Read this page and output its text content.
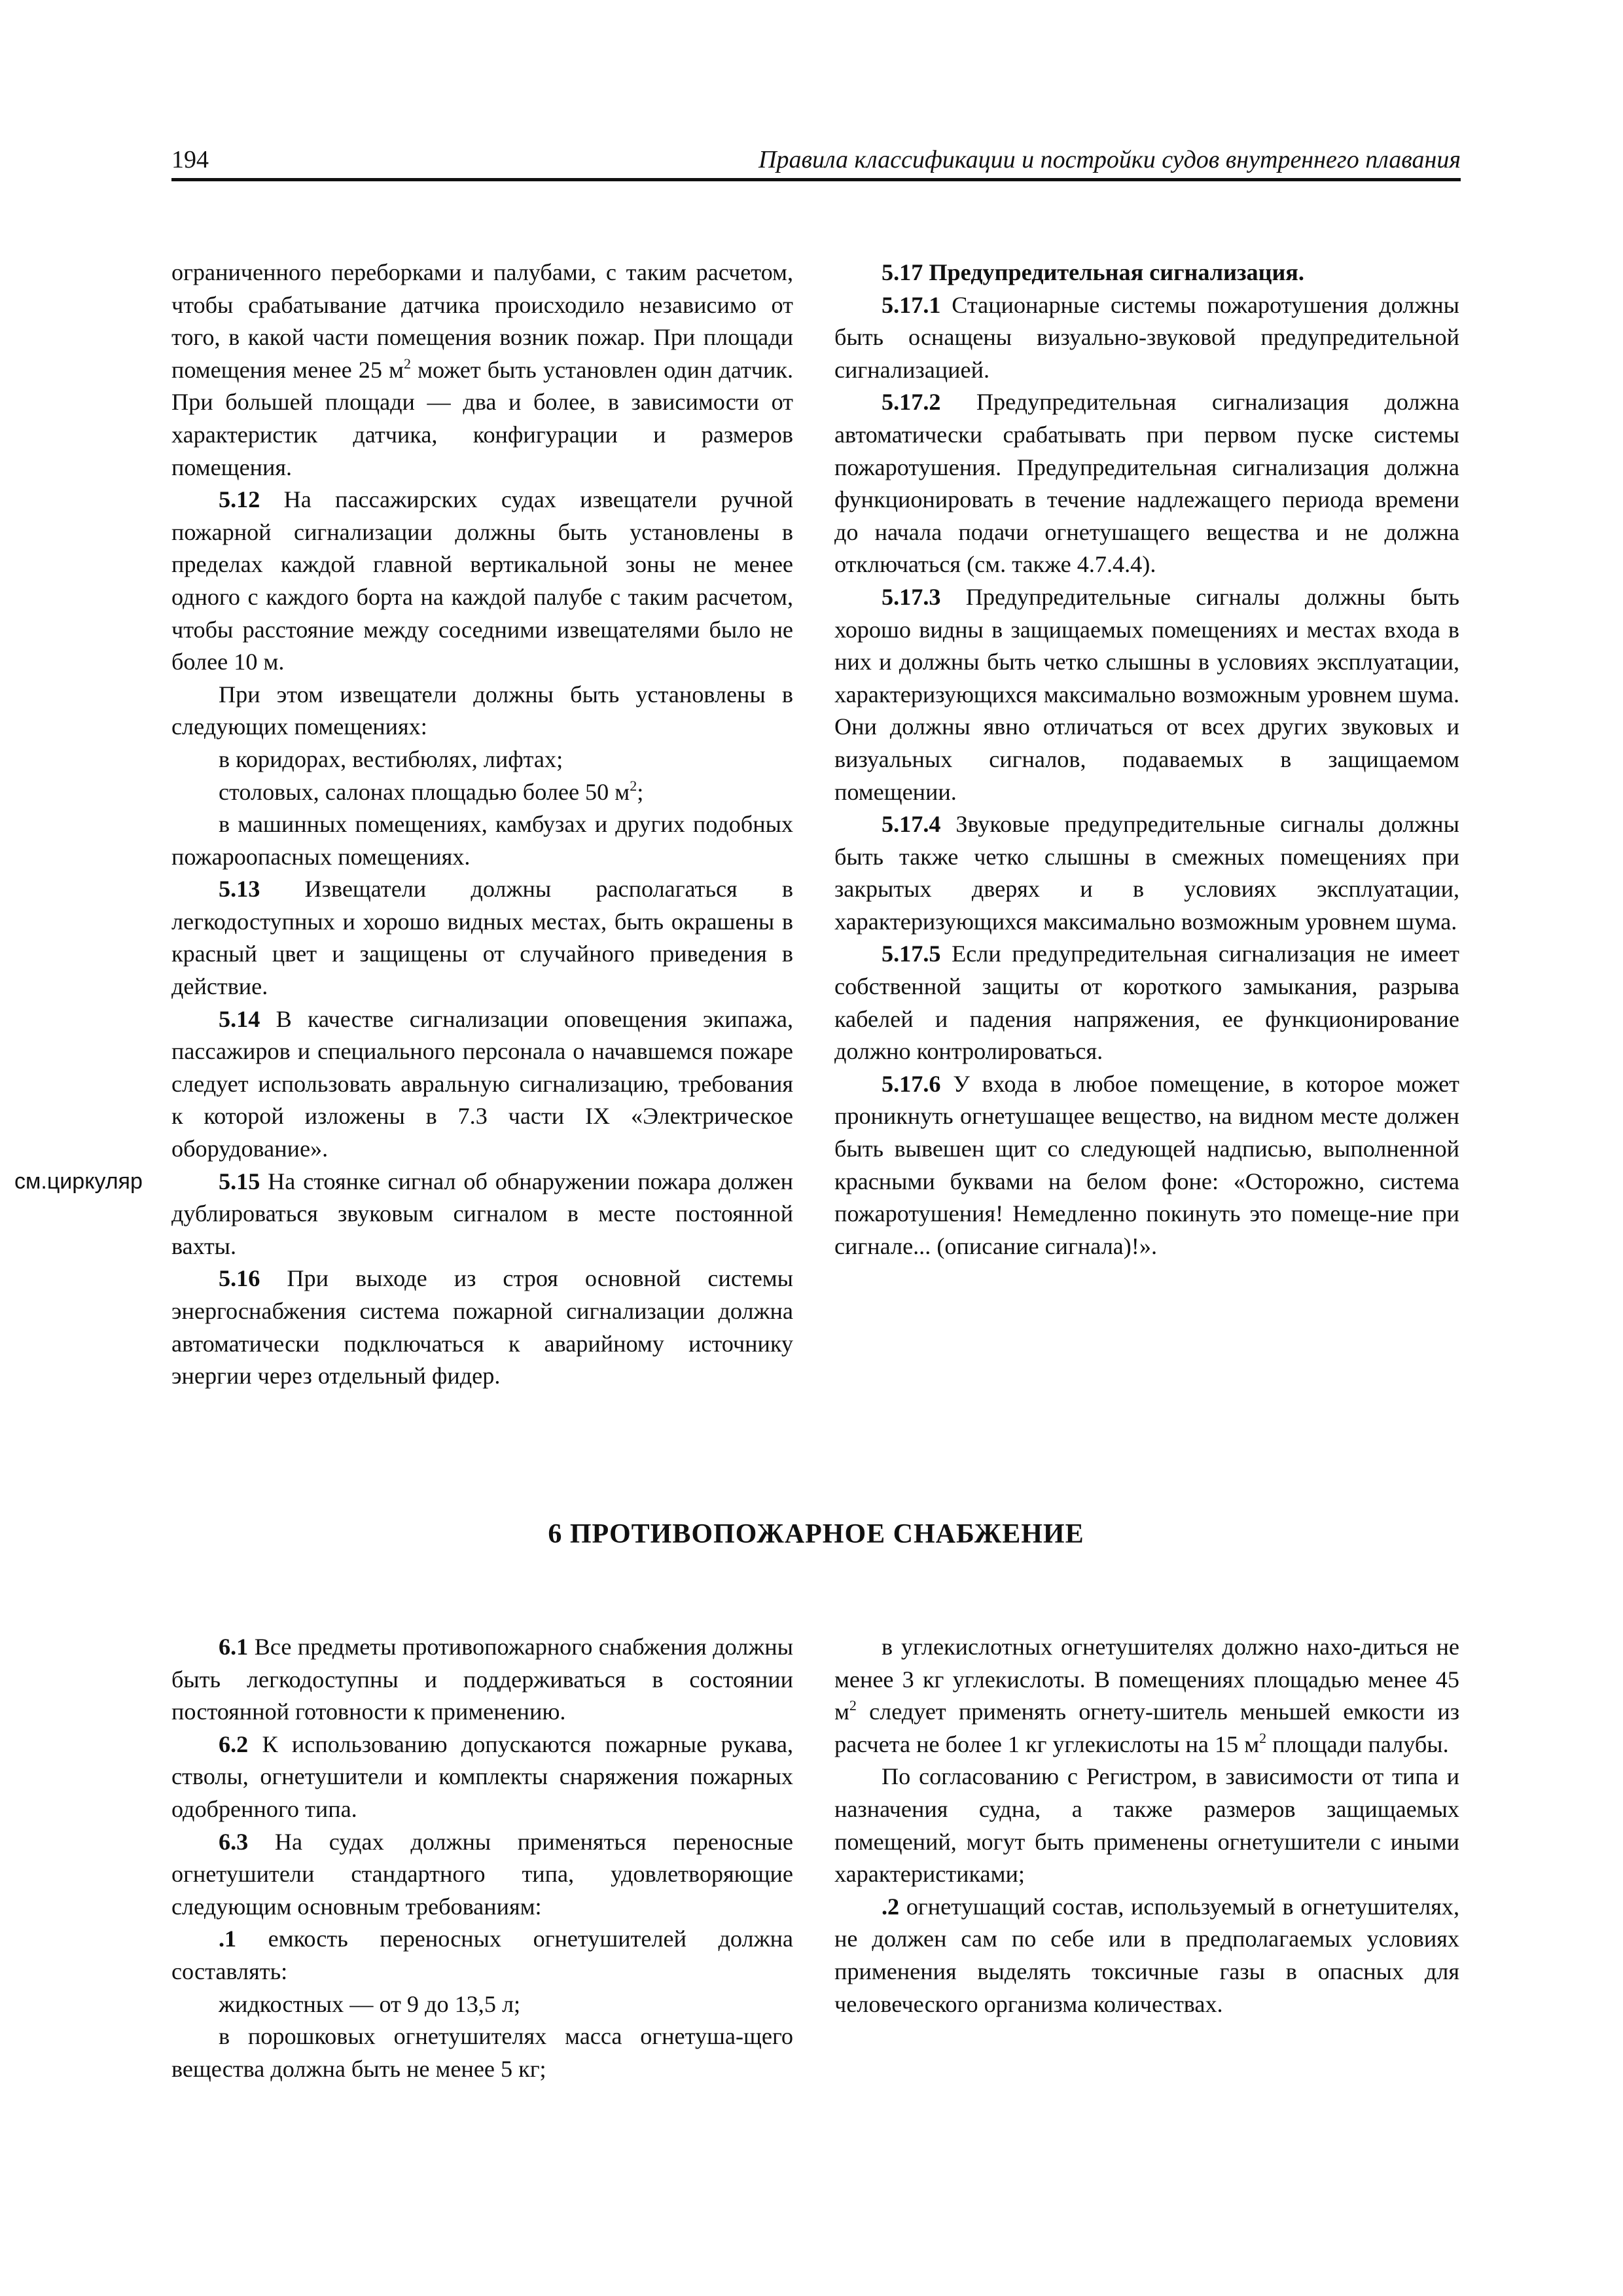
194	Правила классификации и постройки судов внутреннего плавания
см.циркуляр

ограниченного переборками и палубами, с таким расчетом, чтобы срабатывание датчика происходило независимо от того, в какой части помещения возник пожар. При площади помещения менее 25 $м^2$ может быть установлен один датчик. При большей площади — два и более, в зависимости от характеристик датчика, конфигурации и размеров помещения.

5.12 На пассажирских судах извещатели ручной пожарной сигнализации должны быть установлены в пределах каждой главной вертикальной зоны не менее одного с каждого борта на каждой палубе с таким расчетом, чтобы расстояние между соседними извещателями было не более 10 м.

При этом извещатели должны быть установлены в следующих помещениях:

в коридорах, вестибюлях, лифтах;

столовых, салонах площадью более 50 $м^2$;

в машинных помещениях, камбузах и других подобных пожароопасных помещениях.

5.13 Извещатели должны располагаться в легкодоступных и хорошо видных местах, быть окрашены в красный цвет и защищены от случайного приведения в действие.

5.14 В качестве сигнализации оповещения экипажа, пассажиров и специального персонала о начавшемся пожаре следует использовать авральную сигнализацию, требования к которой изложены в 7.3 части IX «Электрическое оборудование».

5.15 На стоянке сигнал об обнаружении пожара должен дублироваться звуковым сигналом в месте постоянной вахты.

5.16 При выходе из строя основной системы энергоснабжения система пожарной сигнализации должна автоматически подключаться к аварийному источнику энергии через отдельный фидер.

5.17 Предупредительная сигнализация.

5.17.1 Стационарные системы пожаротушения должны быть оснащены визуально-звуковой предупредительной сигнализацией.

5.17.2 Предупредительная сигнализация должна автоматически срабатывать при первом пуске системы пожаротушения. Предупредительная сигнализация должна функционировать в течение надлежащего периода времени до начала подачи огнетушащего вещества и не должна отключаться (см. также 4.7.4.4).

5.17.3 Предупредительные сигналы должны быть хорошо видны в защищаемых помещениях и местах входа в них и должны быть четко слышны в условиях эксплуатации, характеризующихся максимально возможным уровнем шума. Они должны явно отличаться от всех других звуковых и визуальных сигналов, подаваемых в защищаемом помещении.

5.17.4 Звуковые предупредительные сигналы должны быть также четко слышны в смежных помещениях при закрытых дверях и в условиях эксплуатации, характеризующихся максимально возможным уровнем шума.

5.17.5 Если предупредительная сигнализация не имеет собственной защиты от короткого замыкания, разрыва кабелей и падения напряжения, ее функционирование должно контролироваться.

5.17.6 У входа в любое помещение, в которое может проникнуть огнетушащее вещество, на видном месте должен быть вывешен щит со следующей надписью, выполненной красными буквами на белом фоне: «Осторожно, система пожаротушения! Немедленно покинуть это помеще-ние при сигнале... (описание сигнала)!».

6 ПРОТИВОПОЖАРНОЕ СНАБЖЕНИЕ

6.1 Все предметы противопожарного снабжения должны быть легкодоступны и поддерживаться в состоянии постоянной готовности к применению.

6.2 К использованию допускаются пожарные рукава, стволы, огнетушители и комплекты снаряжения пожарных одобренного типа.

6.3 На судах должны применяться переносные огнетушители стандартного типа, удовлетворяющие следующим основным требованиям:

.1 емкость переносных огнетушителей должна составлять:

жидкостных — от 9 до 13,5 л;

в порошковых огнетушителях масса огнетуша-щего вещества должна быть не менее 5 кг;

в углекислотных огнетушителях должно нахо-диться не менее 3 кг углекислоты. В помещениях площадью менее 45 $м^2$ следует применять огнету-шитель меньшей емкости из расчета не более 1 кг углекислоты на 15 $м^2$ площади палубы.

По согласованию с Регистром, в зависимости от типа и назначения судна, а также размеров защищаемых помещений, могут быть применены огнетушители с иными характеристиками;

.2 огнетушащий состав, используемый в огнетушителях, не должен сам по себе или в предполагаемых условиях применения выделять токсичные газы в опасных для человеческого организма количествах.
